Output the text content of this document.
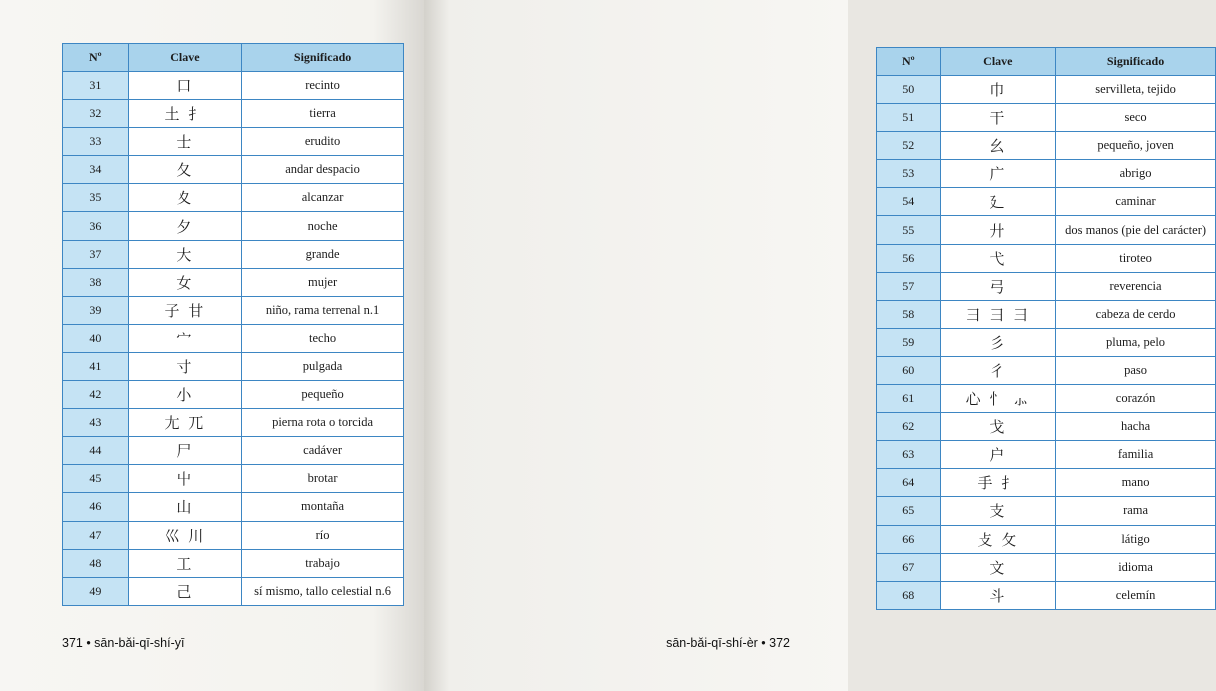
Nº	Clave	Significado
31	口	recinto
32	土 扌	tierra
33	士	erudito
34	夂	andar despacio
35	夊	alcanzar
36	夕	noche
37	大	grande
38	女	mujer
39	子 甘	niño, rama terrenal n.1
40	宀	techo
41	寸	pulgada
42	小	pequeño
43	尢 兀	pierna rota o torcida
44	尸	cadáver
45	屮	brotar
46	山	montaña
47	巛 川	río
48	工	trabajo
49	己	sí mismo, tallo celestial n.6
371 • sān-bǎi-qī-shí-yī
Nº	Clave	Significado
50	巾	servilleta, tejido
51	干	seco
52	幺	pequeño, joven
53	广	abrigo
54	廴	caminar
55	廾	dos manos (pie del carácter)
56	弋	tiroteo
57	弓	reverencia
58	彐 彐 ⺕	cabeza de cerdo
59	彡	pluma, pelo
60	彳	paso
61	心 忄 ⺗	corazón
62	戈	hacha
63	户	familia
64	手 扌	mano
65	支	rama
66	攴 攵	látigo
67	文	idioma
68	斗	celemín
sān-bǎi-qī-shí-èr • 372
